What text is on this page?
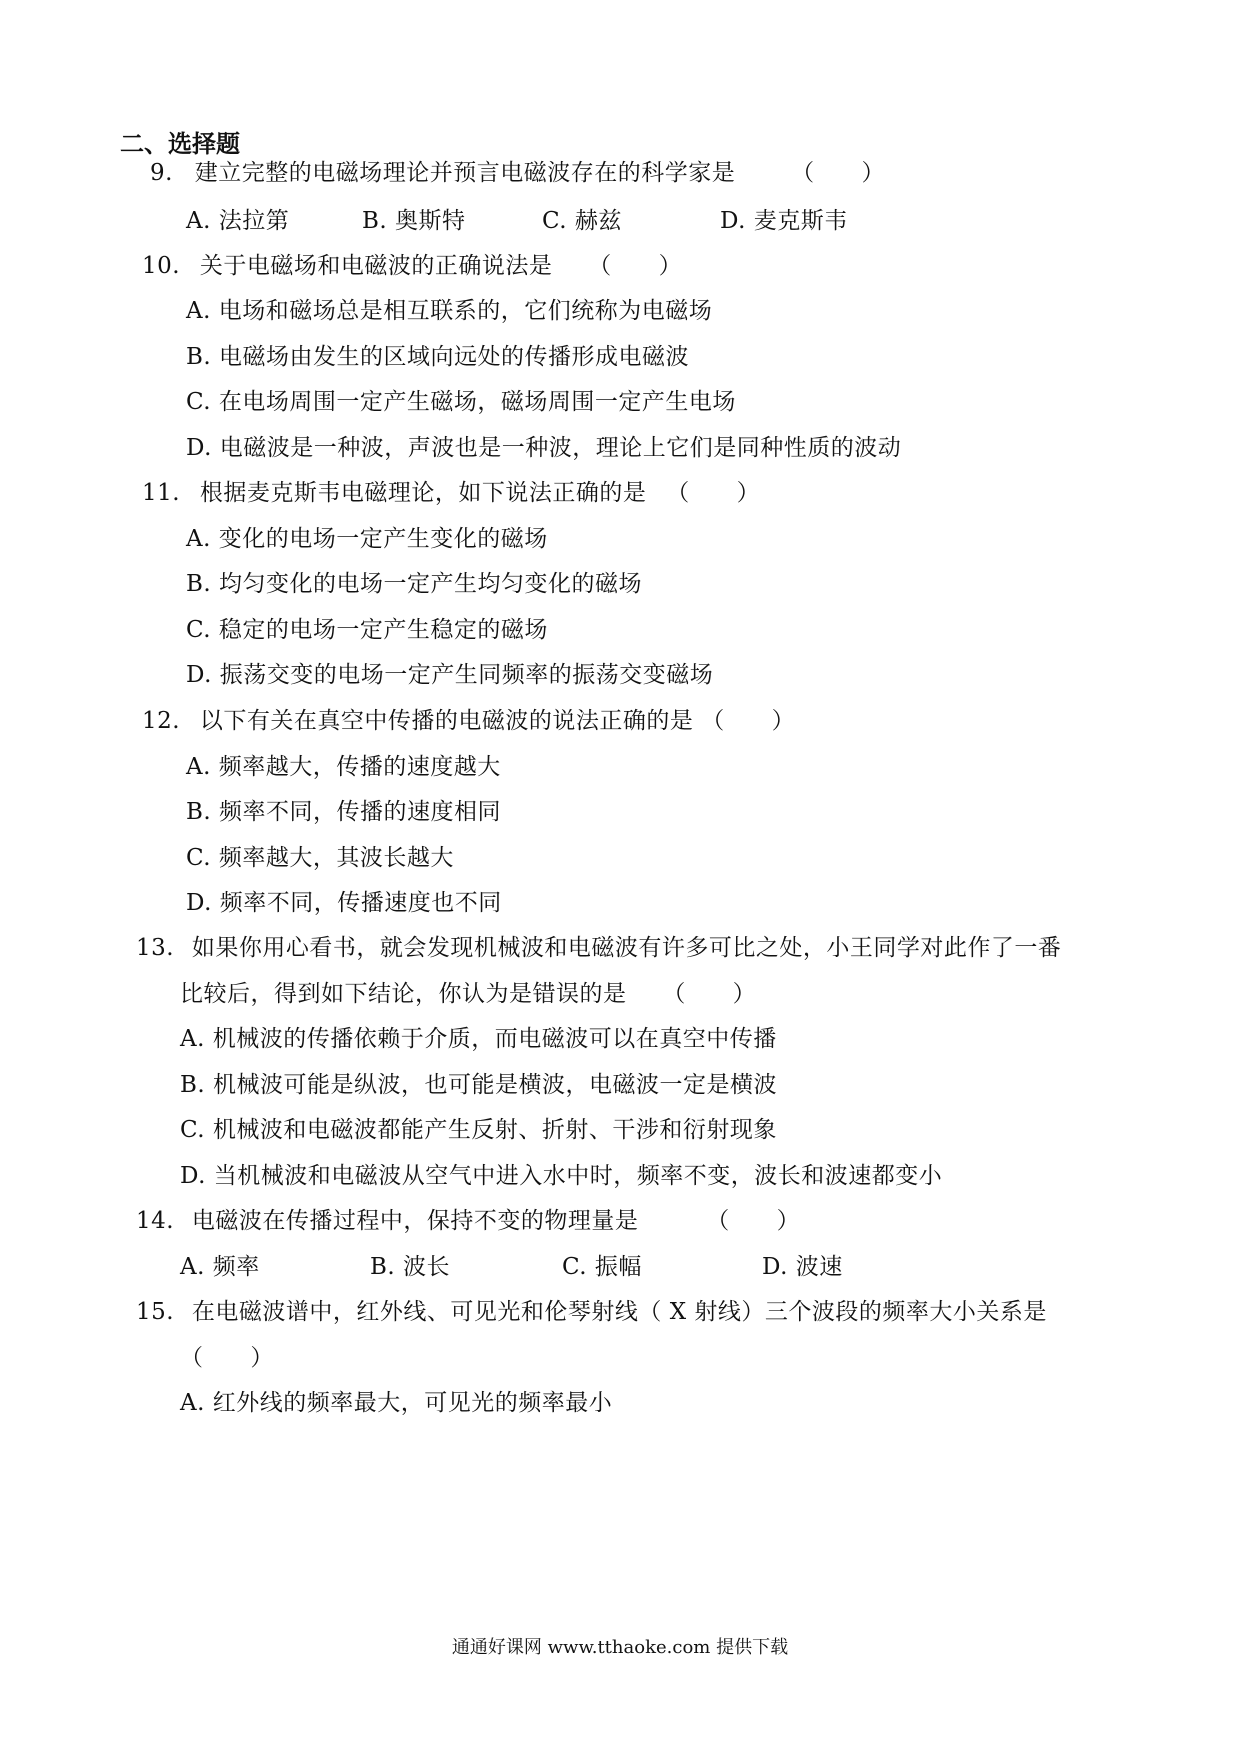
二、选择题
9. 建立完整的电磁场理论并预言电磁波存在的科学家是 （      ）
A. 法拉第	B. 奥斯特	C. 赫兹	D. 麦克斯韦
10. 关于电磁场和电磁波的正确说法是 （      ）
A. 电场和磁场总是相互联系的，它们统称为电磁场
B. 电磁场由发生的区域向远处的传播形成电磁波
C. 在电场周围一定产生磁场，磁场周围一定产生电场
D. 电磁波是一种波，声波也是一种波，理论上它们是同种性质的波动
11. 根据麦克斯韦电磁理论，如下说法正确的是 （      ）
A. 变化的电场一定产生变化的磁场
B. 均匀变化的电场一定产生均匀变化的磁场
C. 稳定的电场一定产生稳定的磁场
D. 振荡交变的电场一定产生同频率的振荡交变磁场
12. 以下有关在真空中传播的电磁波的说法正确的是 （      ）
A. 频率越大，传播的速度越大
B. 频率不同，传播的速度相同
C. 频率越大，其波长越大
D. 频率不同，传播速度也不同
13. 如果你用心看书，就会发现机械波和电磁波有许多可比之处，小王同学对此作了一番
比较后，得到如下结论，你认为是错误的是 （      ）
A. 机械波的传播依赖于介质，而电磁波可以在真空中传播
B. 机械波可能是纵波，也可能是横波，电磁波一定是横波
C. 机械波和电磁波都能产生反射、折射、干涉和衍射现象
D. 当机械波和电磁波从空气中进入水中时，频率不变，波长和波速都变小
14. 电磁波在传播过程中，保持不变的物理量是	（      ）
A. 频率	B. 波长	C. 振幅	D. 波速
15. 在电磁波谱中，红外线、可见光和伦琴射线（ X 射线）三个波段的频率大小关系是
（      ）
A. 红外线的频率最大，可见光的频率最小
通通好课网 www.tthaoke.com 提供下载
